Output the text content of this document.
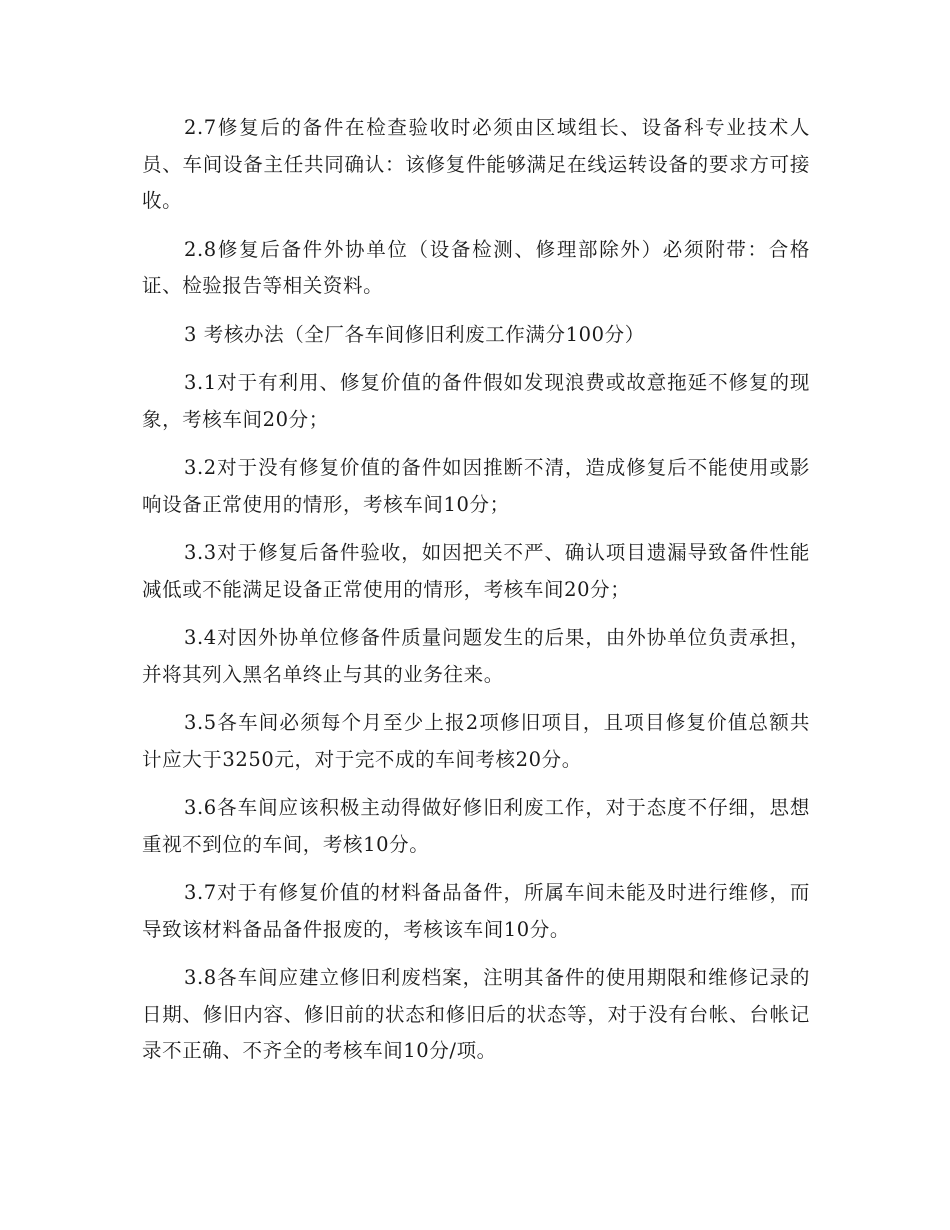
2.7修复后的备件在检查验收时必须由区域组长、设备科专业技术人员、车间设备主任共同确认：该修复件能够满足在线运转设备的要求方可接收。

2.8修复后备件外协单位（设备检测、修理部除外）必须附带：合格证、检验报告等相关资料。

3 考核办法（全厂各车间修旧利废工作满分100分）

3.1对于有利用、修复价值的备件假如发现浪费或故意拖延不修复的现象，考核车间20分；

3.2对于没有修复价值的备件如因推断不清，造成修复后不能使用或影响设备正常使用的情形，考核车间10分；

3.3对于修复后备件验收，如因把关不严、确认项目遗漏导致备件性能减低或不能满足设备正常使用的情形，考核车间20分；

3.4对因外协单位修备件质量问题发生的后果，由外协单位负责承担，并将其列入黑名单终止与其的业务往来。

3.5各车间必须每个月至少上报2项修旧项目，且项目修复价值总额共计应大于3250元，对于完不成的车间考核20分。

3.6各车间应该积极主动得做好修旧利废工作，对于态度不仔细，思想重视不到位的车间，考核10分。

3.7对于有修复价值的材料备品备件，所属车间未能及时进行维修，而导致该材料备品备件报废的，考核该车间10分。

3.8各车间应建立修旧利废档案，注明其备件的使用期限和维修记录的日期、修旧内容、修旧前的状态和修旧后的状态等，对于没有台帐、台帐记录不正确、不齐全的考核车间10分/项。
